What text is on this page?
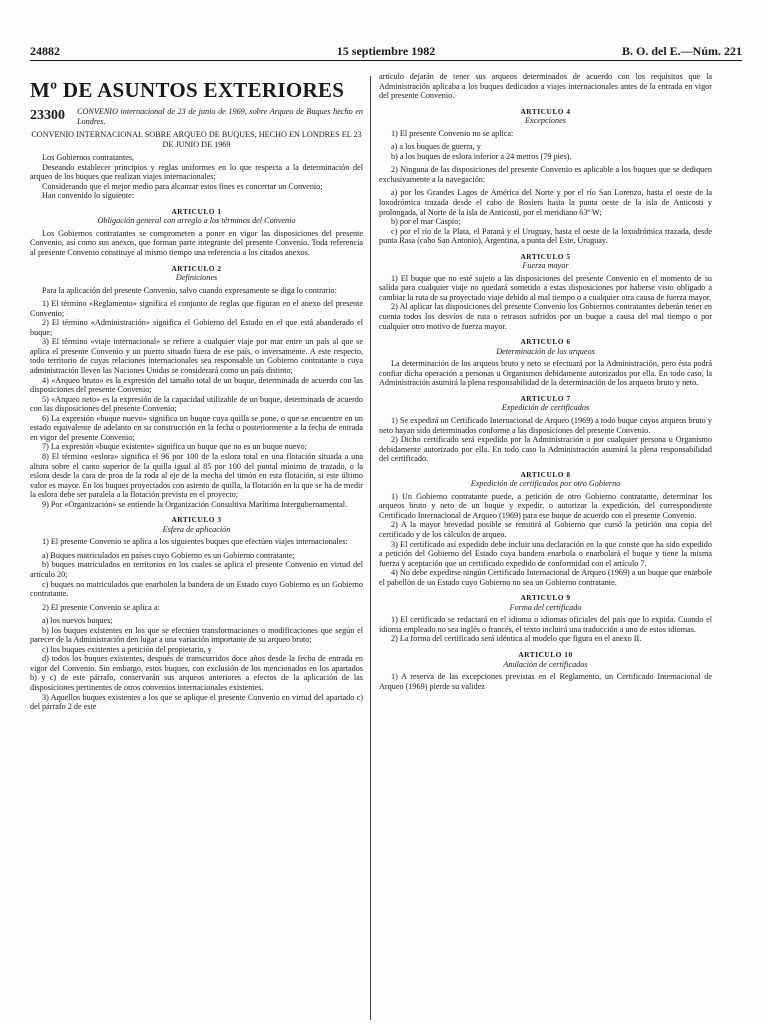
24882	15 septiembre 1982	B. O. del E.—Núm. 221
Mº DE ASUNTOS EXTERIORES
23300 CONVENIO internacional de 23 de junio de 1969, sobre Arqueo de Buques hecho en Londres.

CONVENIO INTERNACIONAL SOBRE ARQUEO DE BUQUES, HECHO EN LONDRES EL 23 DE JUNIO DE 1969

Los Gobiernos contratantes,

Deseando establecer principios y reglas uniformes en lo que respecta a la determinación del arqueo de los buques que realizan viajes internacionales;

Considerando que el mejor medio para alcanzar estos fines es concertar un Convenio;

Han convenido lo siguiente:

ARTICULO 1

Obligación general con arreglo a los términos del Convenio

Los Gobiernos contratantes se comprometen a poner en vigor las disposiciones del presente Convenio, así como sus anexos, que forman parte integrante del presente Convenio. Toda referencia al presente Convenio constituye al mismo tiempo una referencia a los citados anexos.

ARTICULO 2

Definiciones

Para la aplicación del presente Convenio, salvo cuando expresamente se diga lo contrario:

1) El término «Reglamento» significa el conjunto de reglas que figuran en el anexo del presente Convenio;

2) El término «Administración» significa el Gobierno del Estado en el que está abanderado el buque;

3) El término «viaje internacional» se refiere a cualquier viaje por mar entre un país al que se aplica el presente Convenio y un puerto situado fuera de ese país, o inversamente. A este respecto, todo territorio de cuyas relaciones internacionales sea responsable un Gobierno contratante o cuya administración lleven las Naciones Unidas se considerará como un país distinto;

4) «Arqueo bruto» es la expresión del tamaño total de un buque, determinada de acuerdo con las disposiciones del presente Convenio;

5) «Arqueo neto» es la expresión de la capacidad utilizable de un buque, determinada de acuerdo con las disposiciones del presente Convenio;

6) La expresión «buque nuevo» significa un buque cuya quilla se pone, o que se encuentre en un estado equivalente de adelanto en su construcción en la fecha o posteriormente a la fecha de entrada en vigor del presente Convenio;

7) La expresión «buque existente» significa un buque que no es un buque nuevo;

8) El término «eslora» significa el 96 por 100 de la eslora total en una flotación situada a una altura sobre el canto superior de la quilla igual al 85 por 100 del puntal mínimo de trazado, o la eslora desde la cara de proa de la roda al eje de la mecha del timón en esta flotación, si este último valor es mayor. En los buques proyectados con asiento de quilla, la flotación en la que se ha de medir la eslora debe ser paralela a la flotación prevista en el proyecto;

9) Por «Organización» se entiende la Organización Consultiva Marítima Intergubernamental.

ARTICULO 3

Esfera de aplicación

1) El presente Convenio se aplica a los siguientes buques que efectúen viajes internacionales:

a) Buques matriculados en países cuyo Gobierno es un Gobierno contratante;

b) buques matriculados en territorios en los cuales se aplica el presente Convenio en virtud del artículo 20;

c) buques no matriculados que enarbolen la bandera de un Estado cuyo Gobierno es un Gobierno contratante.

2) El presente Convenio se aplica a:

a) los nuevos buques;

b) los buques existentes en los que se efectúen transformaciones o modificaciones que según el parecer de la Administración den lugar a una variación importante de su arqueo bruto;

c) los buques existentes a petición del propietario, y

d) todos los buques existentes, después de transcurridos doce años desde la fecha de entrada en vigor del Convenio. Sin embargo, estos buques, con exclusión de los mencionados en los apartados b) y c) de este párrafo, conservarán sus arqueos anteriores a efectos de la aplicación de las disposiciones pertinentes de otros convenios internacionales existentes.

3) Aquellos buques existentes a los que se aplique el presente Convenio en virtud del apartado c) del párrafo 2 de este

artículo dejarán de tener sus arqueos determinados de acuerdo con los requisitos que la Administración aplicaba a los buques dedicados a viajes internacionales antes de la entrada en vigor del presente Convenio.

ARTICULO 4

Excepciones

1) El presente Convenio no se aplica:

a) a los buques de guerra, y

b) a los buques de eslora inferior a 24 metros (79 pies).

2) Ninguna de las disposiciones del presente Convenio es aplicable a los buques que se dediquen exclusivamente a la navegación:

a) por los Grandes Lagos de América del Norte y por el río San Lorenzo, hasta el oeste de la loxodrómica trazada desde el cabo de Rosiers hasta la punta oeste de la isla de Anticosti y prolongada, al Norte de la isla de Anticosti, por el meridiano 63º W;

b) por el mar Caspio;

c) por el río de la Plata, el Paraná y el Uruguay, hasta el oeste de la loxodrómica trazada, desde punta Rasa (cabo San Antonio), Argentina, a punta del Este, Uruguay.

ARTICULO 5

Fuerza mayor

1) El buque que no esté sujeto a las disposiciones del presente Convenio en el momento de su salida para cualquier viaje no quedará sometido a estas disposiciones por haberse visto obligado a cambiar la ruta de su proyectado viaje debido al mal tiempo o a cualquier otra causa de fuerza mayor.

2) Al aplicar las disposiciones del presente Convenio los Gobiernos contratantes deberán tener en cuenta todos los desvíos de ruta o retrasos sufridos por un buque a causa del mal tiempo o por cualquier otro motivo de fuerza mayor.

ARTICULO 6

Determinación de los arqueos

La determinación de los arqueos bruto y neto se efectuará por la Administración, pero ésta podrá confiar dicha operación a personas u Organismos debidamente autorizados por ella. En todo caso, la Administración asumirá la plena responsabilidad de la determinación de los arqueos bruto y neto.

ARTICULO 7

Expedición de certificados

1) Se expedirá un Certificado Internacional de Arqueo (1969) a todo buque cuyos arqueos bruto y neto hayan sido determinados conforme a las disposiciones del presente Convenio.

2) Dicho certificado será expedido por la Administración o por cualquier persona u Organismo debidamente autorizado por ella. En todo caso la Administración asumirá la plena responsabilidad del certificado.

ARTICULO 8

Expedición de certificados por otro Gobierno

1) Un Gobierno contratante puede, a petición de otro Gobierno contratante, determinar los arqueos bruto y neto de un buque y expedir, o autorizar la expedición, del correspondiente Certificado Internacional de Arqueo (1969) para ese buque de acuerdo con el presente Convenio.

2) A la mayor brevedad posible se remitirá al Gobierno que cursó la petición una copia del certificado y de los cálculos de arqueo.

3) El certificado así expedido debe incluir una declaración en la que conste que ha sido expedido a petición del Gobierno del Estado cuya bandera enarbola o enarbolará el buque y tiene la misma fuerza y aceptación que un certificado expedido de conformidad con el artículo 7.

4) No debe expedirse ningún Certificado Internacional de Arqueo (1969) a un buque que enarbole el pabellón de un Estado cuyo Gobierno no sea un Gobierno contratante.

ARTICULO 9

Forma del certificado

1) El certificado se redactará en el idioma o idiomas oficiales del país que lo expida. Cuando el idioma empleado no sea inglés o francés, el texto incluirá una traducción a uno de estos idiomas.

2) La forma del certificado será idéntica al modelo que figura en el anexo II.

ARTICULO 10

Anulación de certificados

1) A reserva de las excepciones previstas en el Reglamento, un Certificado Internacional de Arqueo (1969) pierde su validez
